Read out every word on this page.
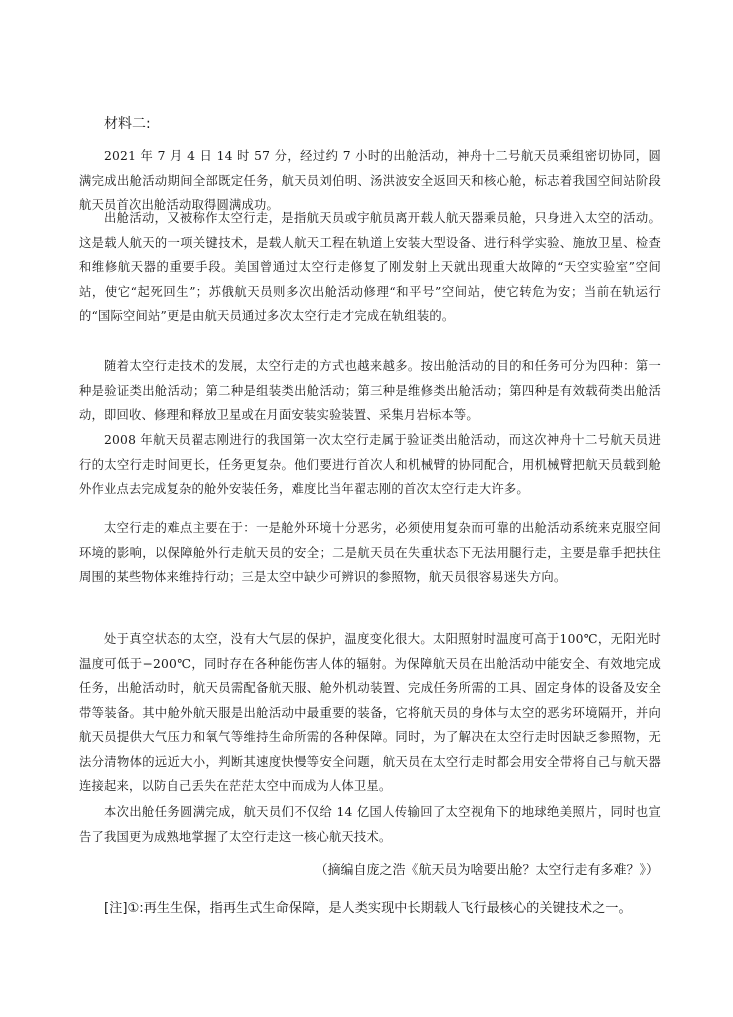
材料二:

2021 年 7 月 4 日 14 时 57 分，经过约 7 小时的出舱活动，神舟十二号航天员乘组密切协同，圆满完成出舱活动期间全部既定任务，航天员刘伯明、汤洪波安全返回天和核心舱，标志着我国空间站阶段航天员首次出舱活动取得圆满成功。

出舱活动，又被称作太空行走，是指航天员或宇航员离开载人航天器乘员舱，只身进入太空的活动。这是载人航天的一项关键技术，是载人航天工程在轨道上安装大型设备、进行科学实验、施放卫星、检查和维修航天器的重要手段。美国曾通过太空行走修复了刚发射上天就出现重大故障的“天空实验室”空间站，使它“起死回生”；苏俄航天员则多次出舱活动修理“和平号”空间站，使它转危为安；当前在轨运行的“国际空间站”更是由航天员通过多次太空行走才完成在轨组装的。

随着太空行走技术的发展，太空行走的方式也越来越多。按出舱活动的目的和任务可分为四种：第一种是验证类出舱活动；第二种是组装类出舱活动；第三种是维修类出舱活动；第四种是有效载荷类出舱活动，即回收、修理和释放卫星或在月面安装实验装置、采集月岩标本等。

2008 年航天员翟志刚进行的我国第一次太空行走属于验证类出舱活动，而这次神舟十二号航天员进行的太空行走时间更长，任务更复杂。他们要进行首次人和机械臂的协同配合，用机械臂把航天员载到舱外作业点去完成复杂的舱外安装任务，难度比当年翟志刚的首次太空行走大许多。

太空行走的难点主要在于：一是舱外环境十分恶劣，必须使用复杂而可靠的出舱活动系统来克服空间环境的影响，以保障舱外行走航天员的安全；二是航天员在失重状态下无法用腿行走，主要是靠手把扶住周围的某些物体来维持行动；三是太空中缺少可辨识的参照物，航天员很容易迷失方向。

处于真空状态的太空，没有大气层的保护，温度变化很大。太阳照射时温度可高于100℃，无阳光时温度可低于−200℃，同时存在各种能伤害人体的辐射。为保障航天员在出舱活动中能安全、有效地完成任务，出舱活动时，航天员需配备航天服、舱外机动装置、完成任务所需的工具、固定身体的设备及安全带等装备。其中舱外航天服是出舱活动中最重要的装备，它将航天员的身体与太空的恶劣环境隔开，并向航天员提供大气压力和氧气等维持生命所需的各种保障。同时，为了解决在太空行走时因缺乏参照物，无法分清物体的远近大小，判断其速度快慢等安全问题，航天员在太空行走时都会用安全带将自己与航天器连接起来，以防自己丢失在茫茫太空中而成为人体卫星。

本次出舱任务圆满完成，航天员们不仅给 14 亿国人传输回了太空视角下的地球绝美照片，同时也宣告了我国更为成熟地掌握了太空行走这一核心航天技术。

（摘编自庞之浩《航天员为啥要出舱？太空行走有多难？》）
[注]①:再生生保，指再生式生命保障，是人类实现中长期载人飞行最核心的关键技术之一。
